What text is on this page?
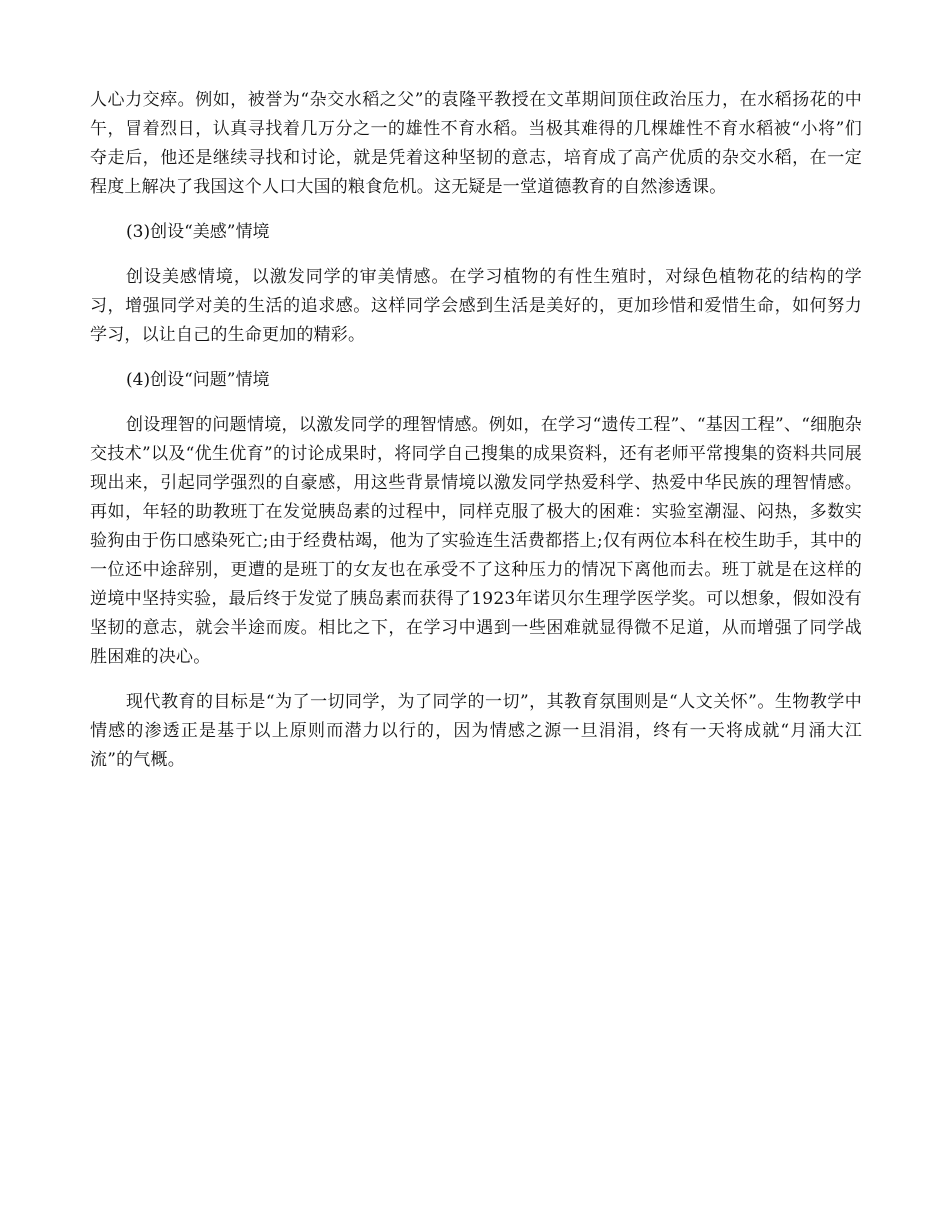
人心力交瘁。例如，被誉为“杂交水稻之父”的袁隆平教授在文革期间顶住政治压力，在水稻扬花的中午，冒着烈日，认真寻找着几万分之一的雄性不育水稻。当极其难得的几棵雄性不育水稻被“小将”们夺走后，他还是继续寻找和讨论，就是凭着这种坚韧的意志，培育成了高产优质的杂交水稻，在一定程度上解决了我国这个人口大国的粮食危机。这无疑是一堂道德教育的自然渗透课。

(3)创设“美感”情境

创设美感情境，以激发同学的审美情感。在学习植物的有性生殖时，对绿色植物花的结构的学习，增强同学对美的生活的追求感。这样同学会感到生活是美好的，更加珍惜和爱惜生命，如何努力学习，以让自己的生命更加的精彩。

(4)创设“问题”情境

创设理智的问题情境，以激发同学的理智情感。例如，在学习“遗传工程”、“基因工程”、“细胞杂交技术”以及“优生优育”的讨论成果时，将同学自己搜集的成果资料，还有老师平常搜集的资料共同展现出来，引起同学强烈的自豪感，用这些背景情境以激发同学热爱科学、热爱中华民族的理智情感。再如，年轻的助教班丁在发觉胰岛素的过程中，同样克服了极大的困难：实验室潮湿、闷热，多数实验狗由于伤口感染死亡;由于经费枯竭，他为了实验连生活费都搭上;仅有两位本科在校生助手，其中的一位还中途辞别，更遭的是班丁的女友也在承受不了这种压力的情况下离他而去。班丁就是在这样的逆境中坚持实验，最后终于发觉了胰岛素而获得了1923年诺贝尔生理学医学奖。可以想象，假如没有坚韧的意志，就会半途而废。相比之下，在学习中遇到一些困难就显得微不足道，从而增强了同学战胜困难的决心。

现代教育的目标是“为了一切同学，为了同学的一切”，其教育氛围则是“人文关怀”。生物教学中情感的渗透正是基于以上原则而潜力以行的，因为情感之源一旦涓涓，终有一天将成就“月涌大江流”的气概。
